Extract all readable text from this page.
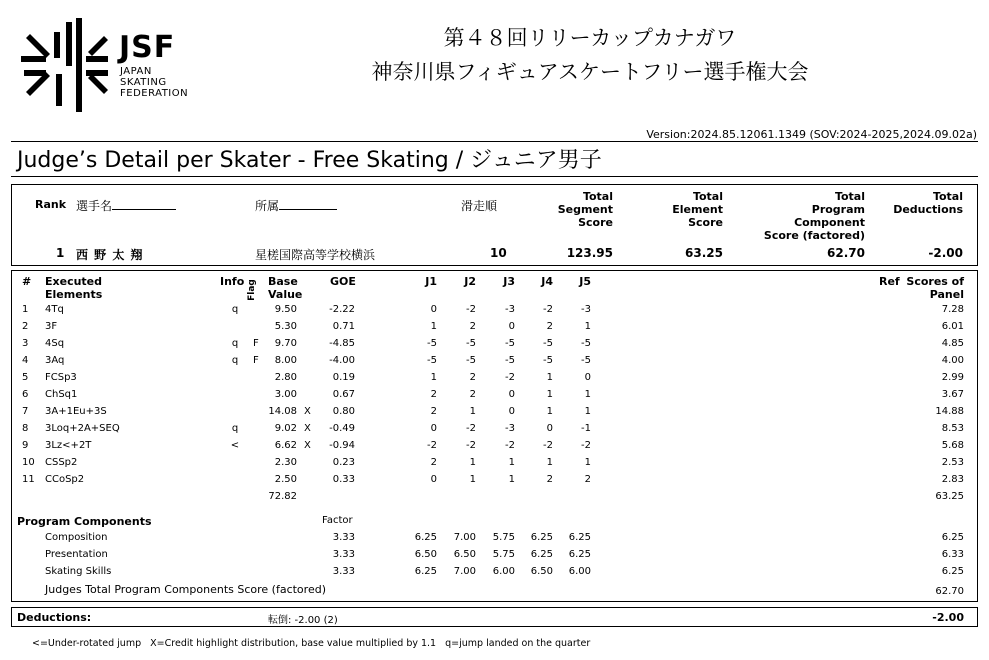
JSF
JAPAN
SKATING
FEDERATION
第４８回リリーカップカナガワ
神奈川県フィギュアスケートフリー選手権大会
Version:2024.85.12061.1349 (SOV:2024-2025,2024.09.02a)
Judge’s Detail per Skater - Free Skating / ジュニア男子
Rank 選手名	所属	滑走順
Total
Segment
Score
Total
Element
Score
Total
Program
Component
Score (factored)
Total
Deductions
1 西 野 太 翔	星槎国際高等学校横浜	10	123.95	63.25	62.70	-2.00
# Executed
Elements
Info Flag Base
Value
GOE	J1	J2	J3	J4	J5	Ref Scores of
Panel
1 4Tq	q	9.50	-2.22	0	-2	-3	-2	-3	7.28
2 3F	5.30	0.71	1	2	0	2	1	6.01
3 4Sq	q	F	9.70	-4.85	-5	-5	-5	-5	-5	4.85
4 3Aq	q	F	8.00	-4.00	-5	-5	-5	-5	-5	4.00
5 FCSp3	2.80	0.19	1	2	-2	1	0	2.99
6 ChSq1	3.00	0.67	2	2	0	1	1	3.67
7 3A+1Eu+3S	14.08 X	0.80	2	1	0	1	1	14.88
8 3Loq+2A+SEQ	q	9.02 X	-0.49	0	-2	-3	0	-1	8.53
9 3Lz<+2T	<	6.62 X	-0.94	-2	-2	-2	-2	-2	5.68
10 CSSp2	2.30	0.23	2	1	1	1	1	2.53
11 CCoSp2	2.50	0.33	0	1	1	2	2	2.83
72.82	63.25
Program Components	Factor
Composition	3.33	6.25	7.00	5.75	6.25	6.25	6.25
Presentation	3.33	6.50	6.50	5.75	6.25	6.25	6.33
Skating Skills	3.33	6.25	7.00	6.00	6.50	6.00	6.25
Judges Total Program Components Score (factored)	62.70
Deductions:	転倒: -2.00 (2)	-2.00
<=Under-rotated jump   X=Credit highlight distribution, base value multiplied by 1.1   q=jump landed on the quarter
